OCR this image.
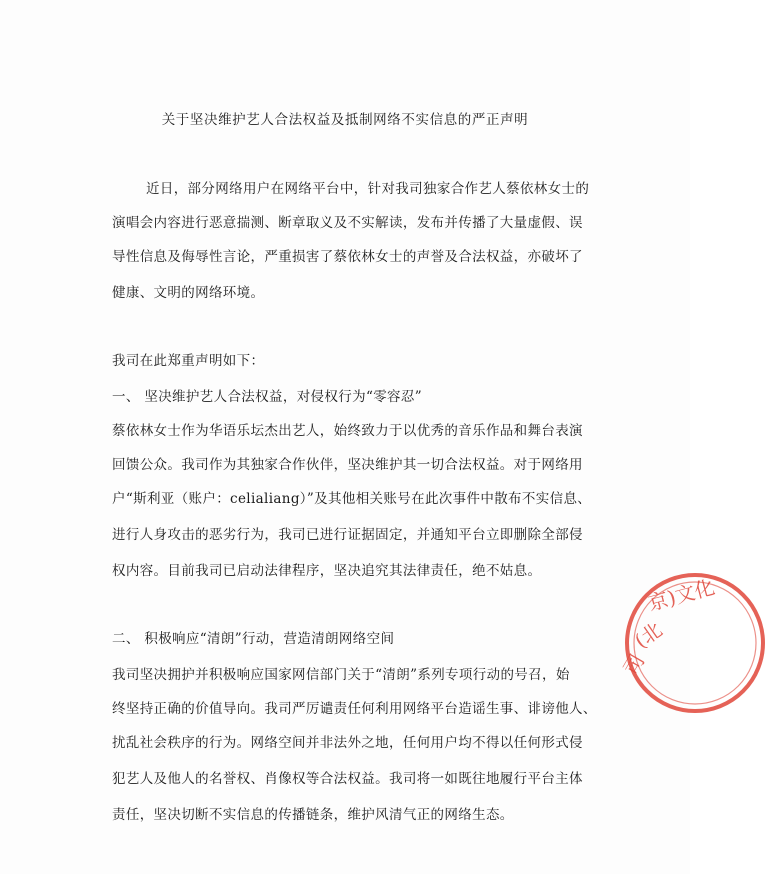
关于坚决维护艺人合法权益及抵制网络不实信息的严正声明
近日，部分网络用户在网络平台中，针对我司独家合作艺人蔡依林女士的
演唱会内容进行恶意揣测、断章取义及不实解读，发布并传播了大量虚假、误
导性信息及侮辱性言论，严重损害了蔡依林女士的声誉及合法权益，亦破坏了
健康、文明的网络环境。
我司在此郑重声明如下：
一、 坚决维护艺人合法权益，对侵权行为“零容忍”
蔡依林女士作为华语乐坛杰出艺人，始终致力于以优秀的音乐作品和舞台表演
回馈公众。我司作为其独家合作伙伴，坚决维护其一切合法权益。对于网络用
户“斯利亚（账户：celialiang）”及其他相关账号在此次事件中散布不实信息、
进行人身攻击的恶劣行为，我司已进行证据固定，并通知平台立即删除全部侵
权内容。目前我司已启动法律程序，坚决追究其法律责任，绝不姑息。
二、 积极响应“清朗”行动，营造清朗网络空间
我司坚决拥护并积极响应国家网信部门关于“清朗”系列专项行动的号召，始
终坚持正确的价值导向。我司严厉谴责任何利用网络平台造谣生事、诽谤他人、
扰乱社会秩序的行为。网络空间并非法外之地，任何用户均不得以任何形式侵
犯艺人及他人的名誉权、肖像权等合法权益。我司将一如既往地履行平台主体
责任，坚决切断不实信息的传播链条，维护风清气正的网络生态。
(北
京)文化
司
